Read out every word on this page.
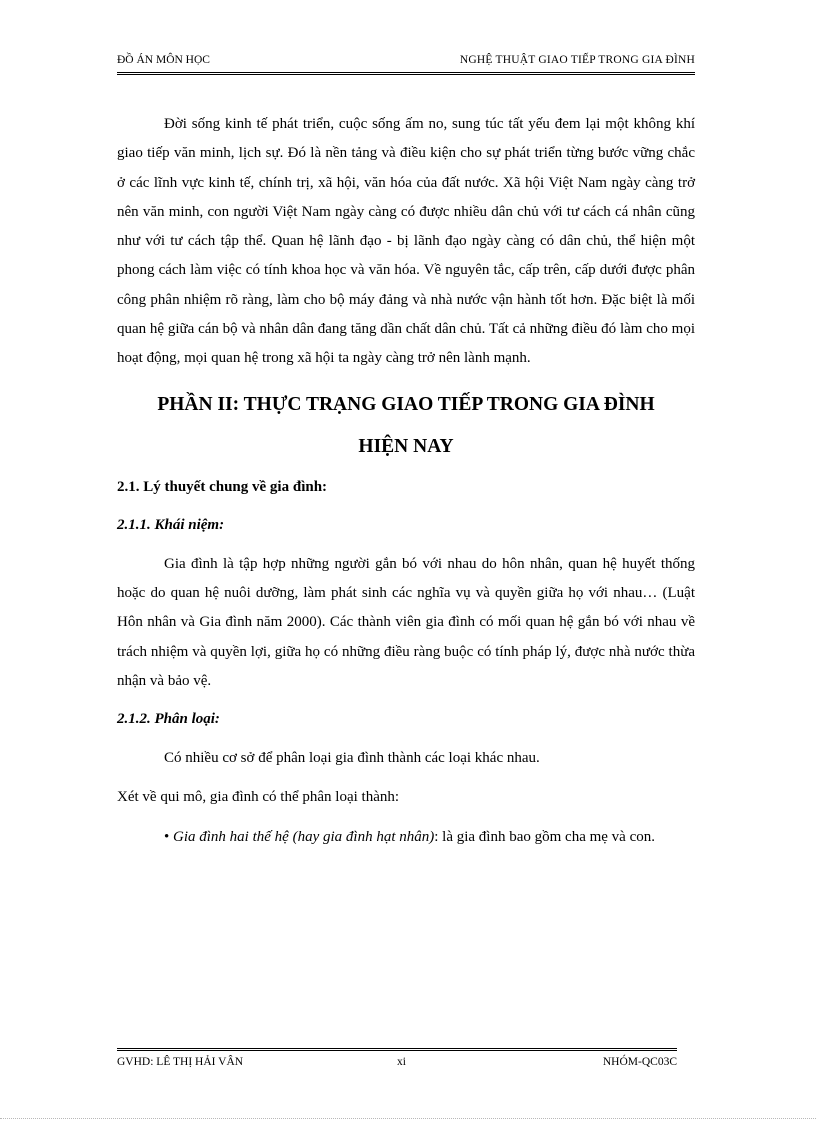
ĐỒ ÁN MÔN HỌC	NGHỆ THUẬT GIAO TIẾP TRONG GIA ĐÌNH

Đời sống kinh tế phát triển, cuộc sống ấm no, sung túc tất yếu đem lại một không khí giao tiếp văn minh, lịch sự. Đó là nền tảng và điều kiện cho sự phát triển từng bước vững chắc ở các lĩnh vực kinh tế, chính trị, xã hội, văn hóa của đất nước. Xã hội Việt Nam ngày càng trở nên văn minh, con người Việt Nam ngày càng có được nhiều dân chủ với tư cách cá nhân cũng như với tư cách tập thể. Quan hệ lãnh đạo - bị lãnh đạo ngày càng có dân chủ, thể hiện một phong cách làm việc có tính khoa học và văn hóa. Về nguyên tắc, cấp trên, cấp dưới được phân công phân nhiệm rõ ràng, làm cho bộ máy đảng và nhà nước vận hành tốt hơn. Đặc biệt là mối quan hệ giữa cán bộ và nhân dân đang tăng dần chất dân chủ. Tất cả những điều đó làm cho mọi hoạt động, mọi quan hệ trong xã hội ta ngày càng trở nên lành mạnh.

PHẦN II: THỰC TRẠNG GIAO TIẾP TRONG GIA ĐÌNH
HIỆN NAY
2.1. Lý thuyết chung về gia đình:
2.1.1. Khái niệm:

Gia đình là tập hợp những người gắn bó với nhau do hôn nhân, quan hệ huyết thống hoặc do quan hệ nuôi dưỡng, làm phát sinh các nghĩa vụ và quyền giữa họ với nhau… (Luật Hôn nhân và Gia đình năm 2000). Các thành viên gia đình có mối quan hệ gắn bó với nhau về trách nhiệm và quyền lợi, giữa họ có những điều ràng buộc có tính pháp lý, được nhà nước thừa nhận và bảo vệ.

2.1.2. Phân loại:

Có nhiều cơ sở để phân loại gia đình thành các loại khác nhau.

Xét về qui mô, gia đình có thể phân loại thành:

• Gia đình hai thế hệ (hay gia đình hạt nhân): là gia đình bao gồm cha mẹ và con.

GVHD: LÊ THỊ HẢI VÂN	xi	NHÓM-QC03C
